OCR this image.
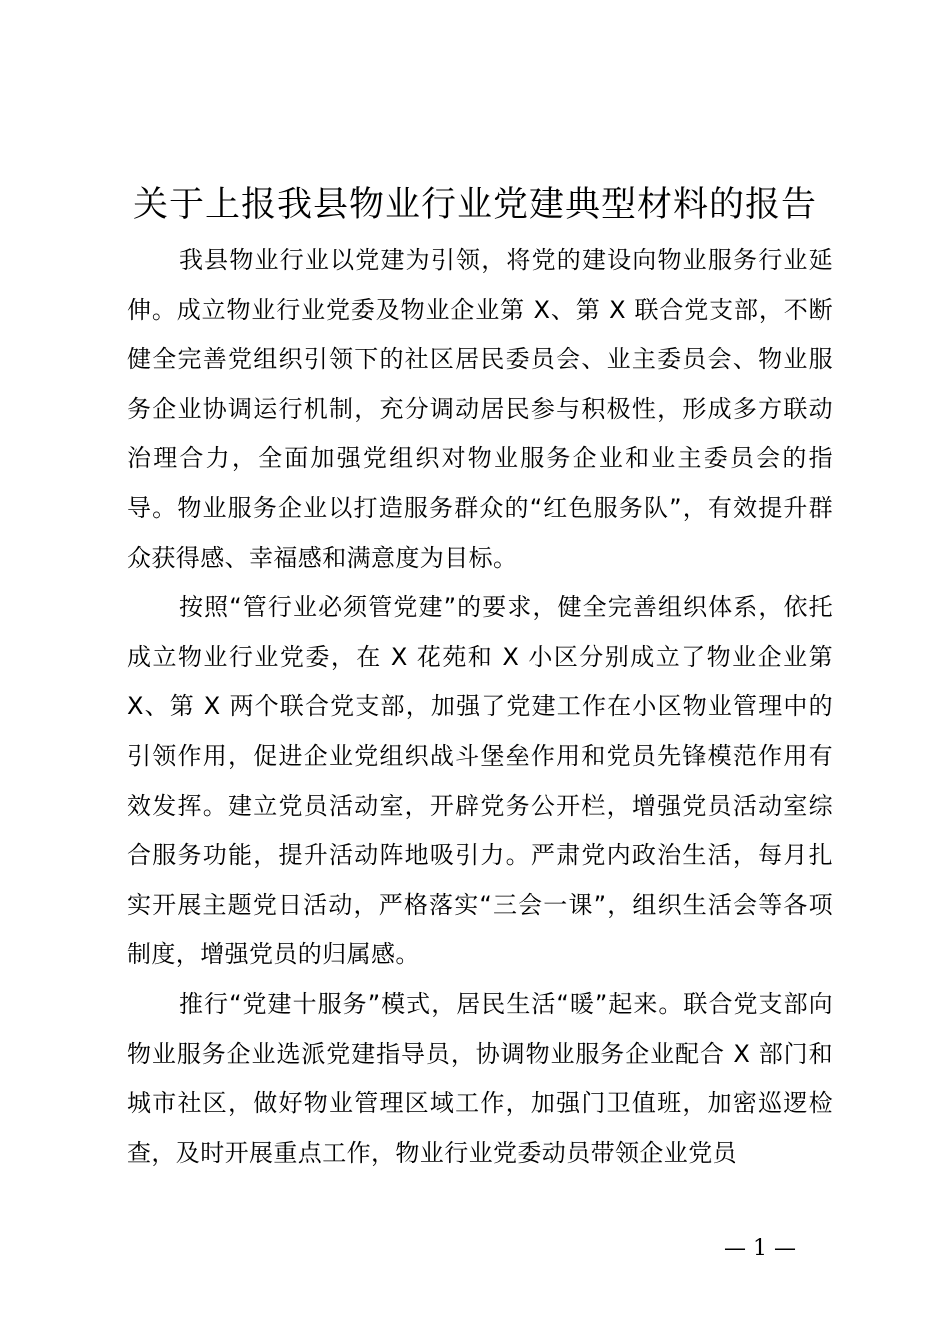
关于上报我县物业行业党建典型材料的报告

我县物业行业以党建为引领，将党的建设向物业服务行业延伸。成立物业行业党委及物业企业第 X、第 X 联合党支部，不断健全完善党组织引领下的社区居民委员会、业主委员会、物业服务企业协调运行机制，充分调动居民参与积极性，形成多方联动治理合力，全面加强党组织对物业服务企业和业主委员会的指导。物业服务企业以打造服务群众的“红色服务队”，有效提升群众获得感、幸福感和满意度为目标。

按照“管行业必须管党建”的要求，健全完善组织体系，依托成立物业行业党委，在 X 花苑和 X 小区分别成立了物业企业第 X、第 X 两个联合党支部，加强了党建工作在小区物业管理中的引领作用，促进企业党组织战斗堡垒作用和党员先锋模范作用有效发挥。建立党员活动室，开辟党务公开栏，增强党员活动室综合服务功能，提升活动阵地吸引力。严肃党内政治生活，每月扎实开展主题党日活动，严格落实“三会一课”，组织生活会等各项制度，增强党员的归属感。

推行“党建十服务”模式，居民生活“暖”起来。联合党支部向物业服务企业选派党建指导员，协调物业服务企业配合 X 部门和城市社区，做好物业管理区域工作，加强门卫值班，加密巡逻检查，及时开展重点工作，物业行业党委动员带领企业党员

— 1 —
